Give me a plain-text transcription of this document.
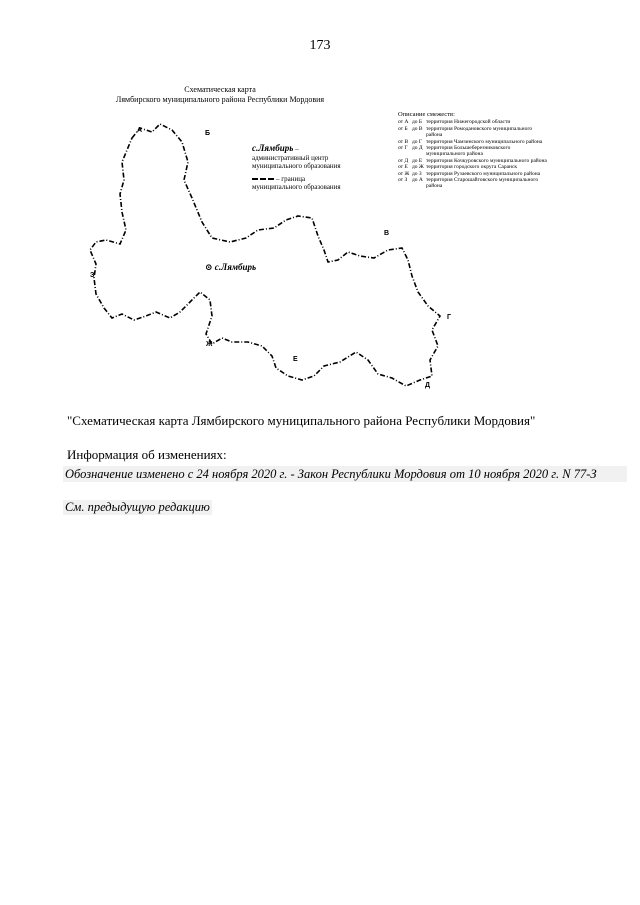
173
Схематическая карта
Лямбирского муниципального района Республики Мордовия
А	Б
В
Г
Д
Е
Ж
З
⊙ с.Лямбирь
с.Лямбирь – административный центр муниципального образования
– граница муниципального образования
Описание смежеств:
от А до Б территория Нижегородской области
от Б до В территория Ромодановского муниципального района
от В до Г территория Чамзинского муниципального района
от Г до Д территория Большеберезниковского муниципального района
от Д до Е территория Кочкуровского муниципального района
от Е до Ж территория городского округа Саранск
от Ж до З территория Рузаевского муниципального района
от З до А территория Старошайговского муниципального района
"Схематическая карта Лямбирского муниципального района Республики Мордовия"
Информация об изменениях:
Обозначение изменено с 24 ноября 2020 г. - Закон Республики Мордовия от 10 ноября 2020 г. N 77-З
См. предыдущую редакцию
